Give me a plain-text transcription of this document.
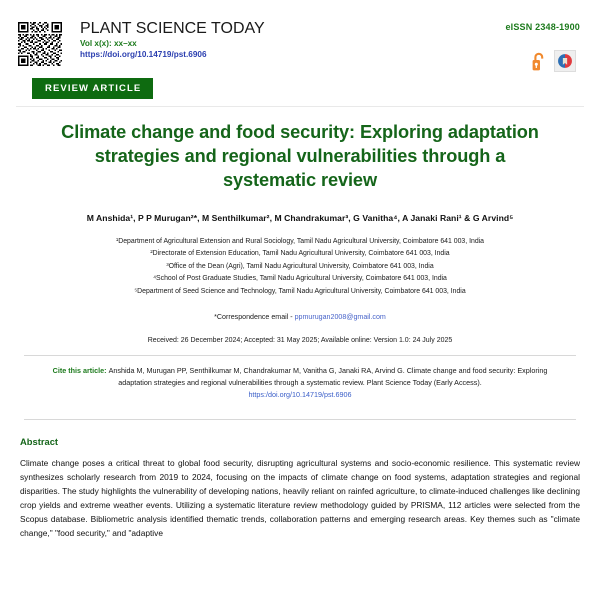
PLANT SCIENCE TODAY
Vol x(x): xx–xx
https://doi.org/10.14719/pst.6906
eISSN 2348-1900
REVIEW ARTICLE
Climate change and food security: Exploring adaptation strategies and regional vulnerabilities through a systematic review
M Anshida¹, P P Murugan²*, M Senthilkumar², M Chandrakumar³, G Vanitha⁴, A Janaki Rani¹ & G Arvind⁵
¹Department of Agricultural Extension and Rural Sociology, Tamil Nadu Agricultural University, Coimbatore 641 003, India
²Directorate of Extension Education, Tamil Nadu Agricultural University, Coimbatore 641 003, India
³Office of the Dean (Agri), Tamil Nadu Agricultural University, Coimbatore 641 003, India
⁴School of Post Graduate Studies, Tamil Nadu Agricultural University, Coimbatore 641 003, India
⁵Department of Seed Science and Technology, Tamil Nadu Agricultural University, Coimbatore 641 003, India
*Correspondence email - ppmurugan2008@gmail.com
Received: 26 December 2024; Accepted: 31 May 2025; Available online: Version 1.0: 24 July 2025
Cite this article: Anshida M, Murugan PP, Senthilkumar M, Chandrakumar M, Vanitha G, Janaki RA, Arvind G. Climate change and food security: Exploring adaptation strategies and regional vulnerabilities through a systematic review. Plant Science Today (Early Access).
https:/doi.org/10.14719/pst.6906
Abstract
Climate change poses a critical threat to global food security, disrupting agricultural systems and socio-economic resilience. This systematic review synthesizes scholarly research from 2019 to 2024, focusing on the impacts of climate change on food systems, adaptation strategies and regional disparities. The study highlights the vulnerability of developing nations, heavily reliant on rainfed agriculture, to climate-induced challenges like declining crop yields and extreme weather events. Utilizing a systematic literature review methodology guided by PRISMA, 112 articles were selected from the Scopus database. Bibliometric analysis identified thematic trends, collaboration patterns and emerging research areas. Key themes such as "climate change," "food security," and "adaptive
